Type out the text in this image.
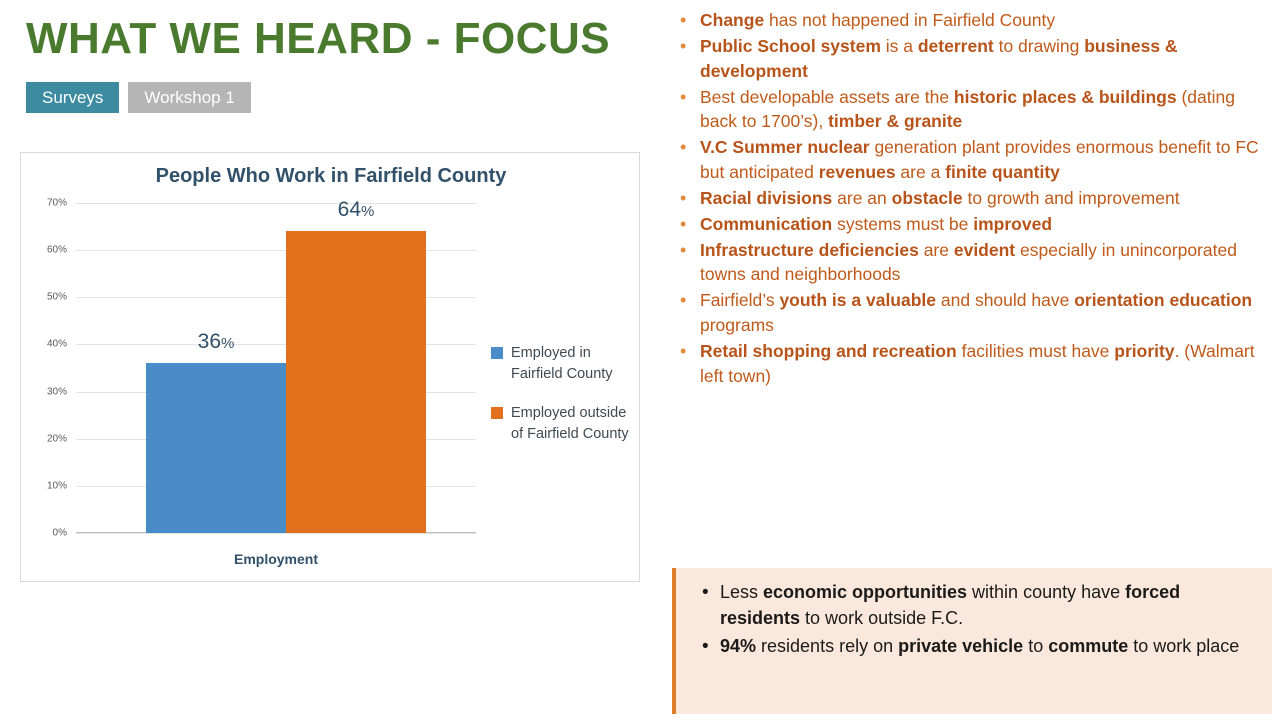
WHAT WE HEARD - FOCUS
Surveys Workshop 1
People Who Work in Fairfield County
0%
10%
20%
30%
40%
50%
60%
70%
36%
64%
Employment
Employed in Fairfield County
Employed outside of Fairfield County
• Change has not happened in Fairfield County
• Public School system is a deterrent to drawing business & development
• Best developable assets are the historic places & buildings (dating back to 1700’s), timber & granite
• V.C Summer nuclear generation plant provides enormous benefit to FC but anticipated revenues are a finite quantity
• Racial divisions are an obstacle to growth and improvement
• Communication systems must be improved
• Infrastructure deficiencies are evident especially in unincorporated towns and neighborhoods
• Fairfield’s youth is a valuable and should have orientation education programs
• Retail shopping and recreation facilities must have priority. (Walmart left town)
• Less economic opportunities within county have forced residents to work outside F.C.
• 94% residents rely on private vehicle to commute to work place
